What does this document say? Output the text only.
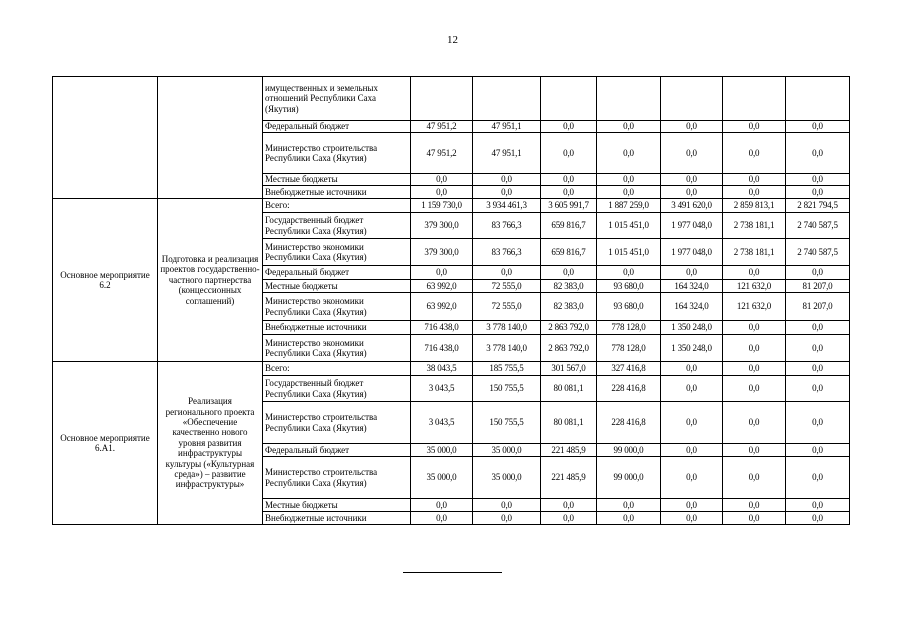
12
		имущественных и земельных отношений Республики Саха (Якутия)							
		Федеральный бюджет	47 951,2	47 951,1	0,0	0,0	0,0	0,0	0,0
		Министерство строительства Республики Саха (Якутия)	47 951,2	47 951,1	0,0	0,0	0,0	0,0	0,0
		Местные бюджеты	0,0	0,0	0,0	0,0	0,0	0,0	0,0
		Внебюджетные источники	0,0	0,0	0,0	0,0	0,0	0,0	0,0
Основное мероприятие 6.2	Подготовка и реализация проектов государственно-частного партнерства (концессионных соглашений)	Всего:	1 159 730,0	3 934 461,3	3 605 991,7	1 887 259,0	3 491 620,0	2 859 813,1	2 821 794,5
		Государственный бюджет Республики Саха (Якутия)	379 300,0	83 766,3	659 816,7	1 015 451,0	1 977 048,0	2 738 181,1	2 740 587,5
		Министерство экономики Республики Саха (Якутия)	379 300,0	83 766,3	659 816,7	1 015 451,0	1 977 048,0	2 738 181,1	2 740 587,5
		Федеральный бюджет	0,0	0,0	0,0	0,0	0,0	0,0	0,0
		Местные бюджеты	63 992,0	72 555,0	82 383,0	93 680,0	164 324,0	121 632,0	81 207,0
		Министерство экономики Республики Саха (Якутия)	63 992,0	72 555,0	82 383,0	93 680,0	164 324,0	121 632,0	81 207,0
		Внебюджетные источники	716 438,0	3 778 140,0	2 863 792,0	778 128,0	1 350 248,0	0,0	0,0
		Министерство экономики Республики Саха (Якутия)	716 438,0	3 778 140,0	2 863 792,0	778 128,0	1 350 248,0	0,0	0,0
Основное мероприятие 6.А1.	Реализация регионального проекта «Обеспечение качественно нового уровня развития инфраструктуры культуры («Культурная среда») – развитие инфраструктуры»	Всего:	38 043,5	185 755,5	301 567,0	327 416,8	0,0	0,0	0,0
		Государственный бюджет Республики Саха (Якутия)	3 043,5	150 755,5	80 081,1	228 416,8	0,0	0,0	0,0
		Министерство строительства Республики Саха (Якутия)	3 043,5	150 755,5	80 081,1	228 416,8	0,0	0,0	0,0
		Федеральный бюджет	35 000,0	35 000,0	221 485,9	99 000,0	0,0	0,0	0,0
		Министерство строительства Республики Саха (Якутия)	35 000,0	35 000,0	221 485,9	99 000,0	0,0	0,0	0,0
		Местные бюджеты	0,0	0,0	0,0	0,0	0,0	0,0	0,0
		Внебюджетные источники	0,0	0,0	0,0	0,0	0,0	0,0	0,0
